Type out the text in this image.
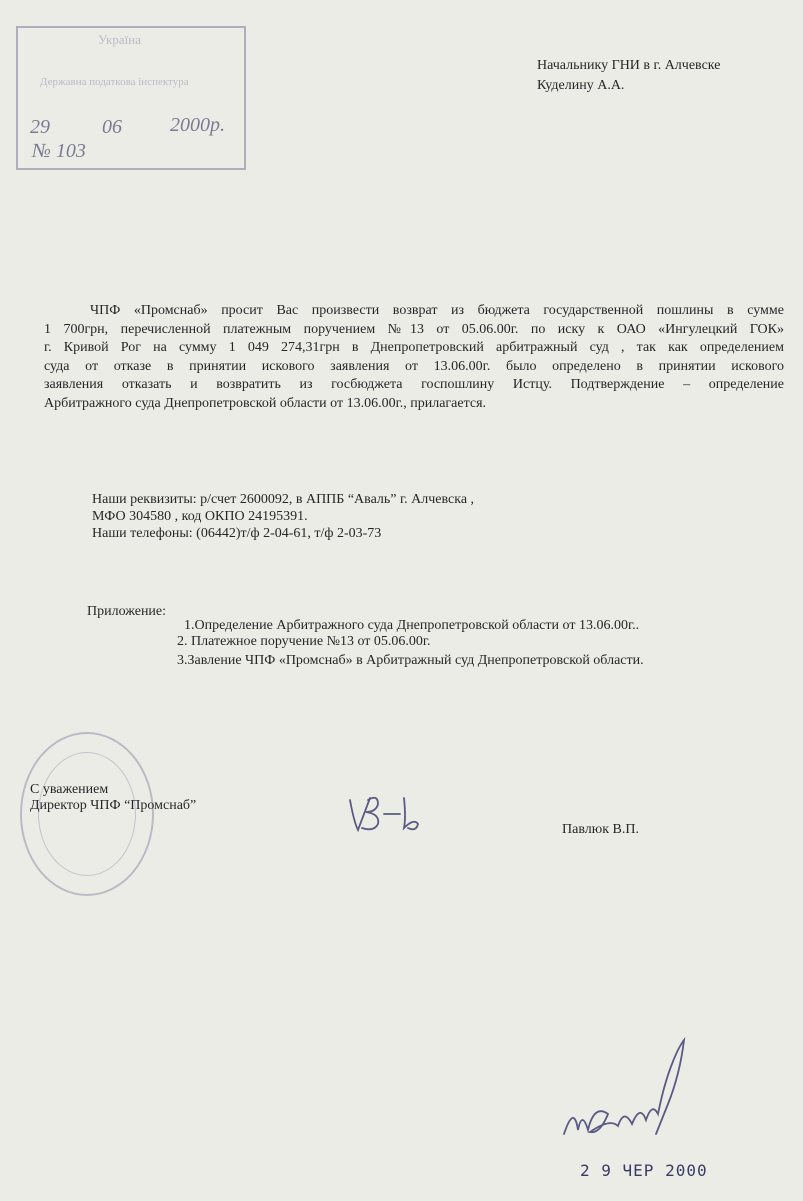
Україна
Державна податкова інспектура
29	06 2000р.
№ 103
Начальнику ГНИ в г. Алчевске
Куделину А.А.
ЧПФ «Промснаб» просит Вас произвести возврат из бюджета государственной пошлины в сумме
1 700грн, перечисленной платежным поручением №13 от 05.06.00г. по иску к ОАО «Ингулецкий ГОК»
г. Кривой Рог на сумму 1 049 274,31грн в Днепропетровский арбитражный суд , так как определением
суда от отказе в принятии искового заявления от 13.06.00г. было определено в принятии искового
заявления отказать и возвратить из госбюджета госпошлину Истцу. Подтверждение – определение
Арбитражного суда Днепропетровской области от 13.06.00г., прилагается.
Наши реквизиты: р/счет 2600092, в АППБ “Аваль” г. Алчевска ,
МФО 304580 , код ОКПО 24195391.
Наши телефоны: (06442)т/ф 2-04-61, т/ф 2-03-73
Приложение:
1.Определение Арбитражного суда Днепропетровской области от 13.06.00г..
2. Платежное поручение №13 от 05.06.00г.
3.Завление ЧПФ «Промснаб» в Арбитражный суд Днепропетровской области.
С уважением
Директор ЧПФ “Промснаб”
Павлюк В.П.
2 9 ЧЕР 2000
